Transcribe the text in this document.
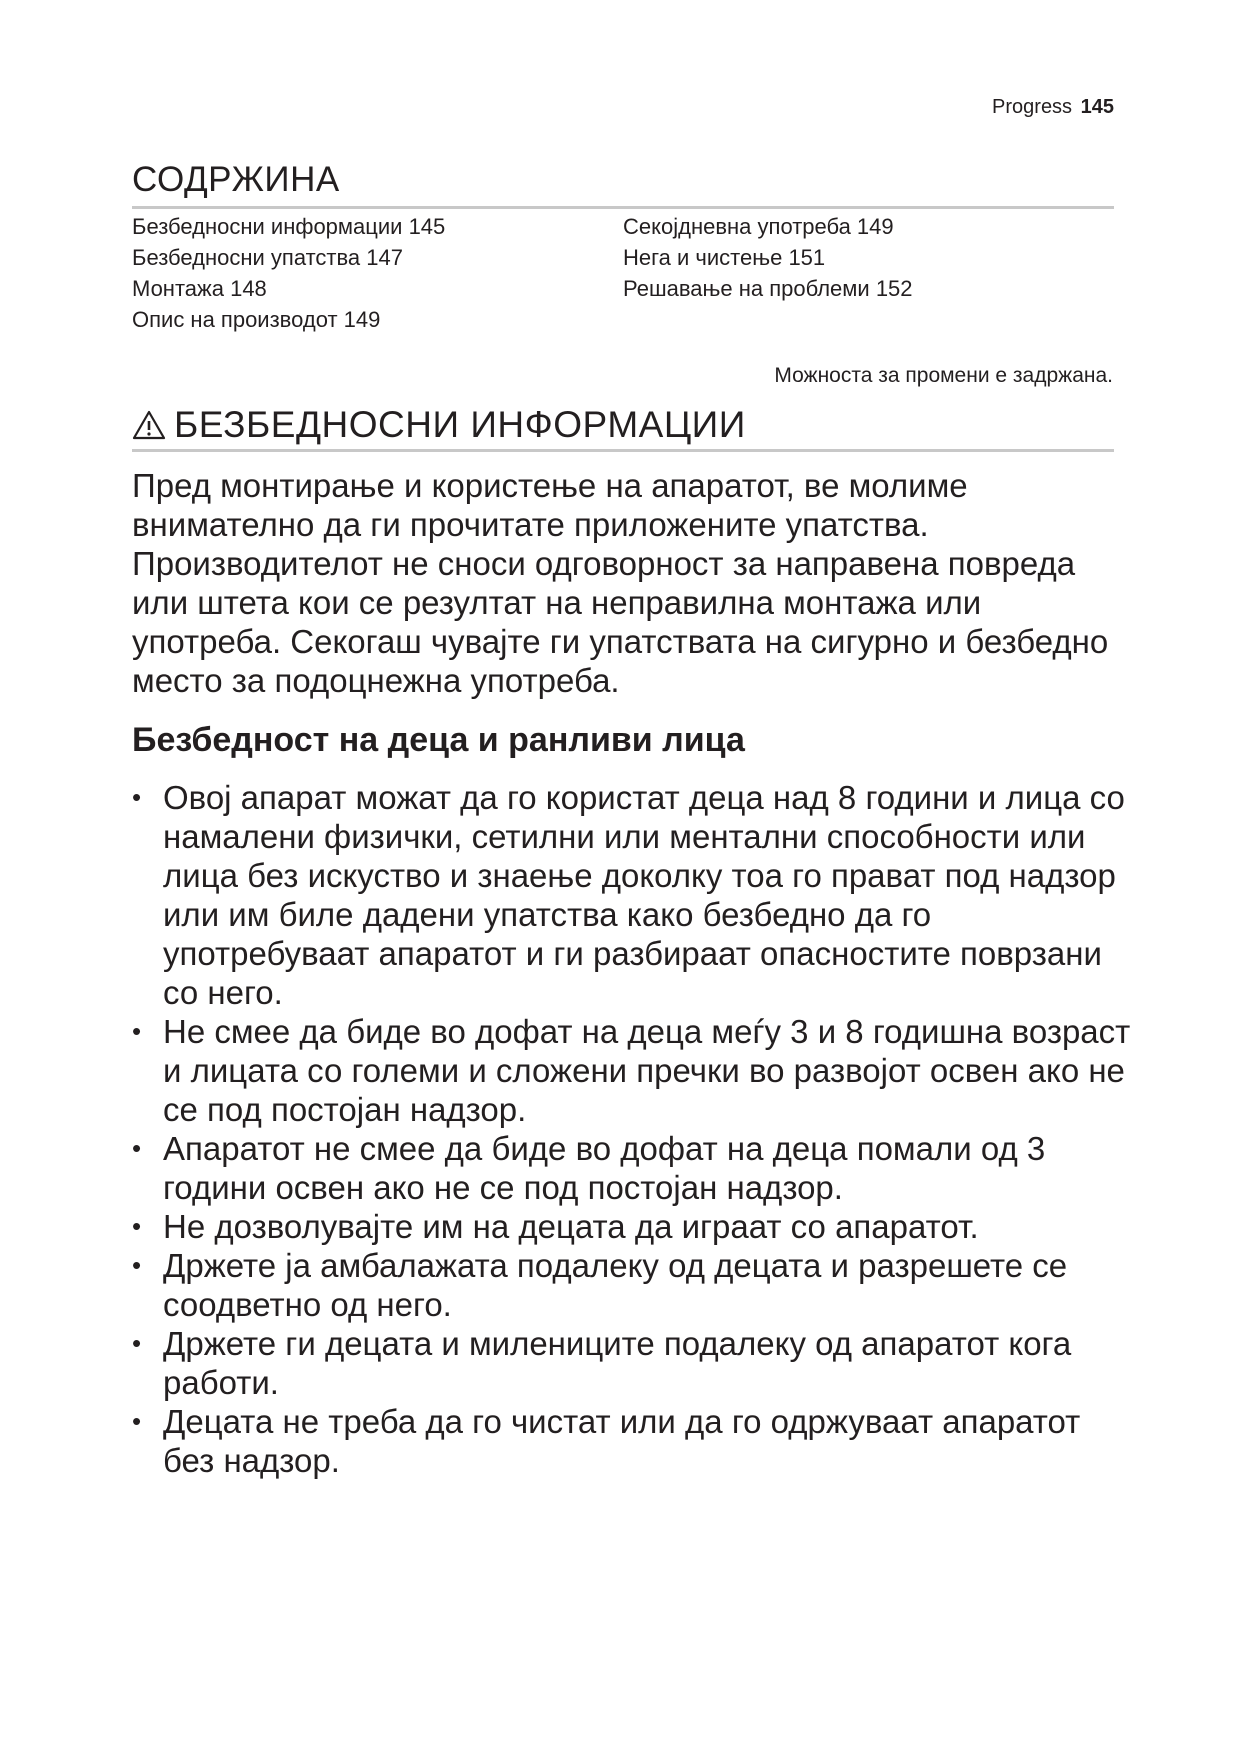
Progress 145
СОДРЖИНА
Безбедносни информации 145
Безбедносни упатства 147
Монтажа 148
Опис на производот 149
Секојдневна употреба 149
Нега и чистење 151
Решавање на проблеми 152
Можноста за промени е задржана.
БЕЗБЕДНОСНИ ИНФОРМАЦИИ
Пред монтирање и користење на апаратот, ве молиме внимателно да ги прочитате приложените упатства. Производителот не сноси одговорност за направена повреда или штета кои се резултат на неправилна монтажа или употреба. Секогаш чувајте ги упатствата на сигурно и безбедно место за подоцнежна употреба.
Безбедност на деца и ранливи лица
• Овој апарат можат да го користат деца над 8 години и лица со намалени физички, сетилни или ментални способности или лица без искуство и знаење доколку тоа го прават под надзор или им биле дадени упатства како безбедно да го употребуваат апаратот и ги разбираат опасностите поврзани со него.
• Не смее да биде во дофат на деца меѓу 3 и 8 годишна возраст и лицата со големи и сложени пречки во развојот освен ако не се под постојан надзор.
• Апаратот не смее да биде во дофат на деца помали од 3 години освен ако не се под постојан надзор.
• Не дозволувајте им на децата да играат со апаратот.
• Држете ја амбалажата подалеку од децата и разрешете се соодветно од него.
• Држете ги децата и милениците подалеку од апаратот кога работи.
• Децата не треба да го чистат или да го одржуваат апаратот без надзор.
